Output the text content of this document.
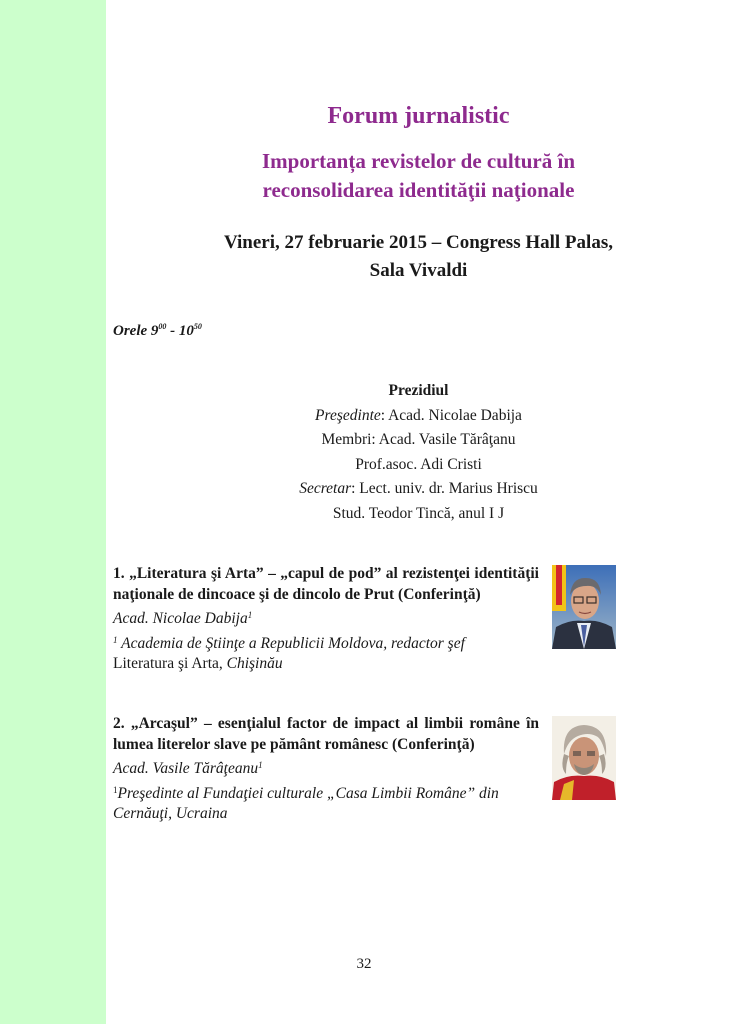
Forum jurnalistic
Importanța revistelor de cultură în
reconsolidarea identităţii naţionale
Vineri, 27 februarie 2015 – Congress Hall Palas,
Sala Vivaldi
Orele $9^{00} - 10^{50}$
Prezidiul
Preşedinte: Acad. Nicolae Dabija
Membri: Acad. Vasile Tărâţanu
Prof.asoc. Adi Cristi
Secretar: Lect. univ. dr. Marius Hriscu
Stud. Teodor Tincă, anul I J
1. „Literatura şi Arta” – „capul de pod” al rezistenţei identităţii naţionale de dincoace şi de dincolo de Prut (Conferinţă)
Acad. Nicolae Dabija$^1$
$^1$ Academia de Ştiinţe a Republicii Moldova, redactor şef
Literatura şi Arta, Chişinău
2. „Arcaşul” – esenţialul factor de impact al limbii române în lumea literelor slave pe pământ românesc (Conferinţă)
Acad. Vasile Tărâţeanu$^1$
$^1$Preşedinte al Fundaţiei culturale „Casa Limbii Române” din Cernăuţi, Ucraina
32
